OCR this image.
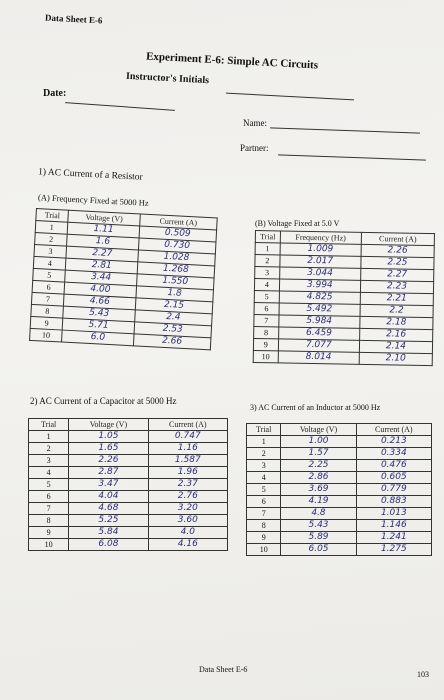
Data Sheet E-6
Experiment E-6: Simple AC Circuits
Instructor's Initials
Date:
Name:
Partner:
1) AC Current of a Resistor
(A) Frequency Fixed at 5000 Hz
Trial	Voltage (V)	Current (A)
1	1.11	0.509
2	1.6	0.730
3	2.27	1.028
4	2.81	1.268
5	3.44	1.550
6	4.00	1.8
7	4.66	2.15
8	5.43	2.4
9	5.71	2.53
10	6.0	2.66
(B) Voltage Fixed at 5.0 V
Trial	Frequency (Hz)	Current (A)
1	1.009	2.26
2	2.017	2.25
3	3.044	2.27
4	3.994	2.23
5	4.825	2.21
6	5.492	2.2
7	5.984	2.18
8	6.459	2.16
9	7.077	2.14
10	8.014	2.10
2) AC Current of a Capacitor at 5000 Hz
Trial	Voltage (V)	Current (A)
1	1.05	0.747
2	1.65	1.16
3	2.26	1.587
4	2.87	1.96
5	3.47	2.37
6	4.04	2.76
7	4.68	3.20
8	5.25	3.60
9	5.84	4.0
10	6.08	4.16
3) AC Current of an Inductor at 5000 Hz
Trial	Voltage (V)	Current (A)
1	1.00	0.213
2	1.57	0.334
3	2.25	0.476
4	2.86	0.605
5	3.69	0.779
6	4.19	0.883
7	4.8	1.013
8	5.43	1.146
9	5.89	1.241
10	6.05	1.275
Data Sheet E-6
103
